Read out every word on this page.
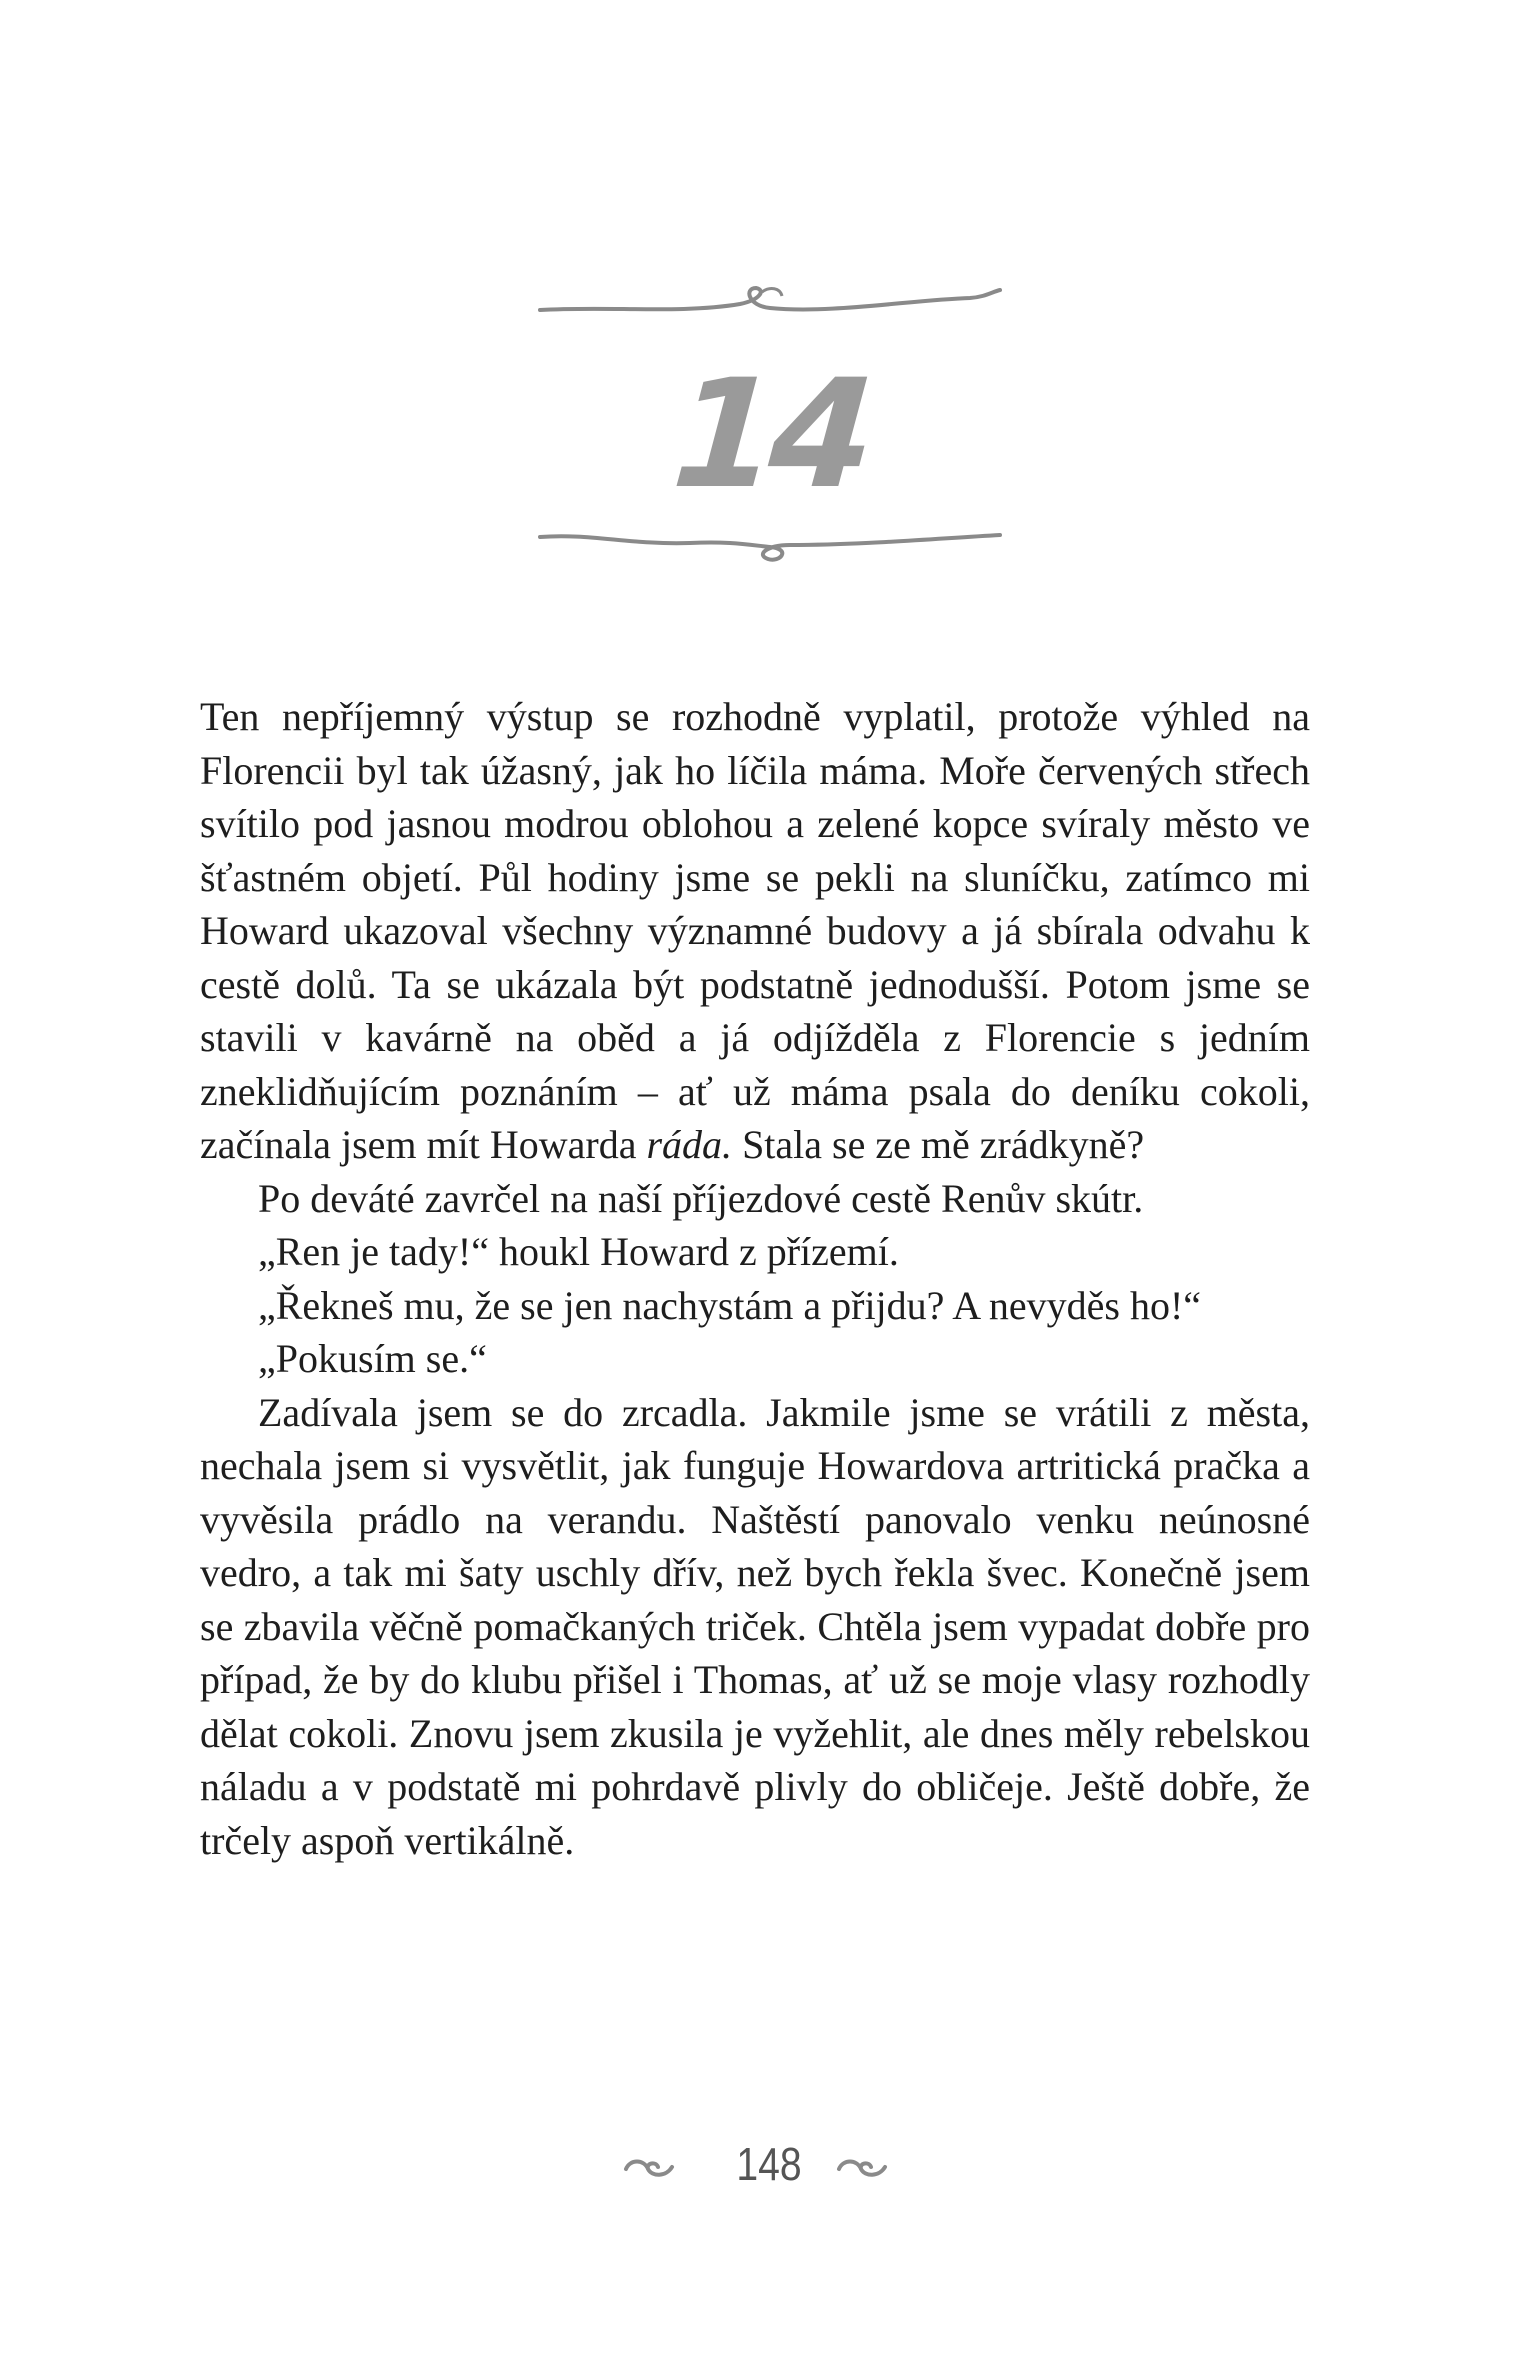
14

Ten nepříjemný výstup se rozhodně vyplatil, protože výhled na Florencii byl tak úžasný, jak ho líčila máma. Moře červených střech svítilo pod jasnou modrou oblohou a zelené kopce svíraly město ve šťastném objetí. Půl hodiny jsme se pekli na sluníčku, zatímco mi Howard ukazoval všechny významné budovy a já sbírala odvahu k cestě dolů. Ta se ukázala být podstatně jednodušší. Potom jsme se stavili v kavárně na oběd a já odjížděla z Florencie s jedním zneklidňujícím poznáním – ať už máma psala do deníku cokoli, začínala jsem mít Howarda ráda. Stala se ze mě zrádkyně?

Po deváté zavrčel na naší příjezdové cestě Renův skútr.

„Ren je tady!“ houkl Howard z přízemí.

„Řekneš mu, že se jen nachystám a přijdu? A nevyděs ho!“

„Pokusím se.“

Zadívala jsem se do zrcadla. Jakmile jsme se vrátili z města, nechala jsem si vysvětlit, jak funguje Howardova artritická pračka a vyvěsila prádlo na verandu. Naštěstí panovalo venku neúnosné vedro, a tak mi šaty uschly dřív, než bych řekla švec. Konečně jsem se zbavila věčně pomačkaných triček. Chtěla jsem vypadat dobře pro případ, že by do klubu přišel i Thomas, ať už se moje vlasy rozhodly dělat cokoli. Znovu jsem zkusila je vyžehlit, ale dnes měly rebelskou náladu a v podstatě mi pohrdavě plivly do obličeje. Ještě dobře, že trčely aspoň vertikálně.

148
